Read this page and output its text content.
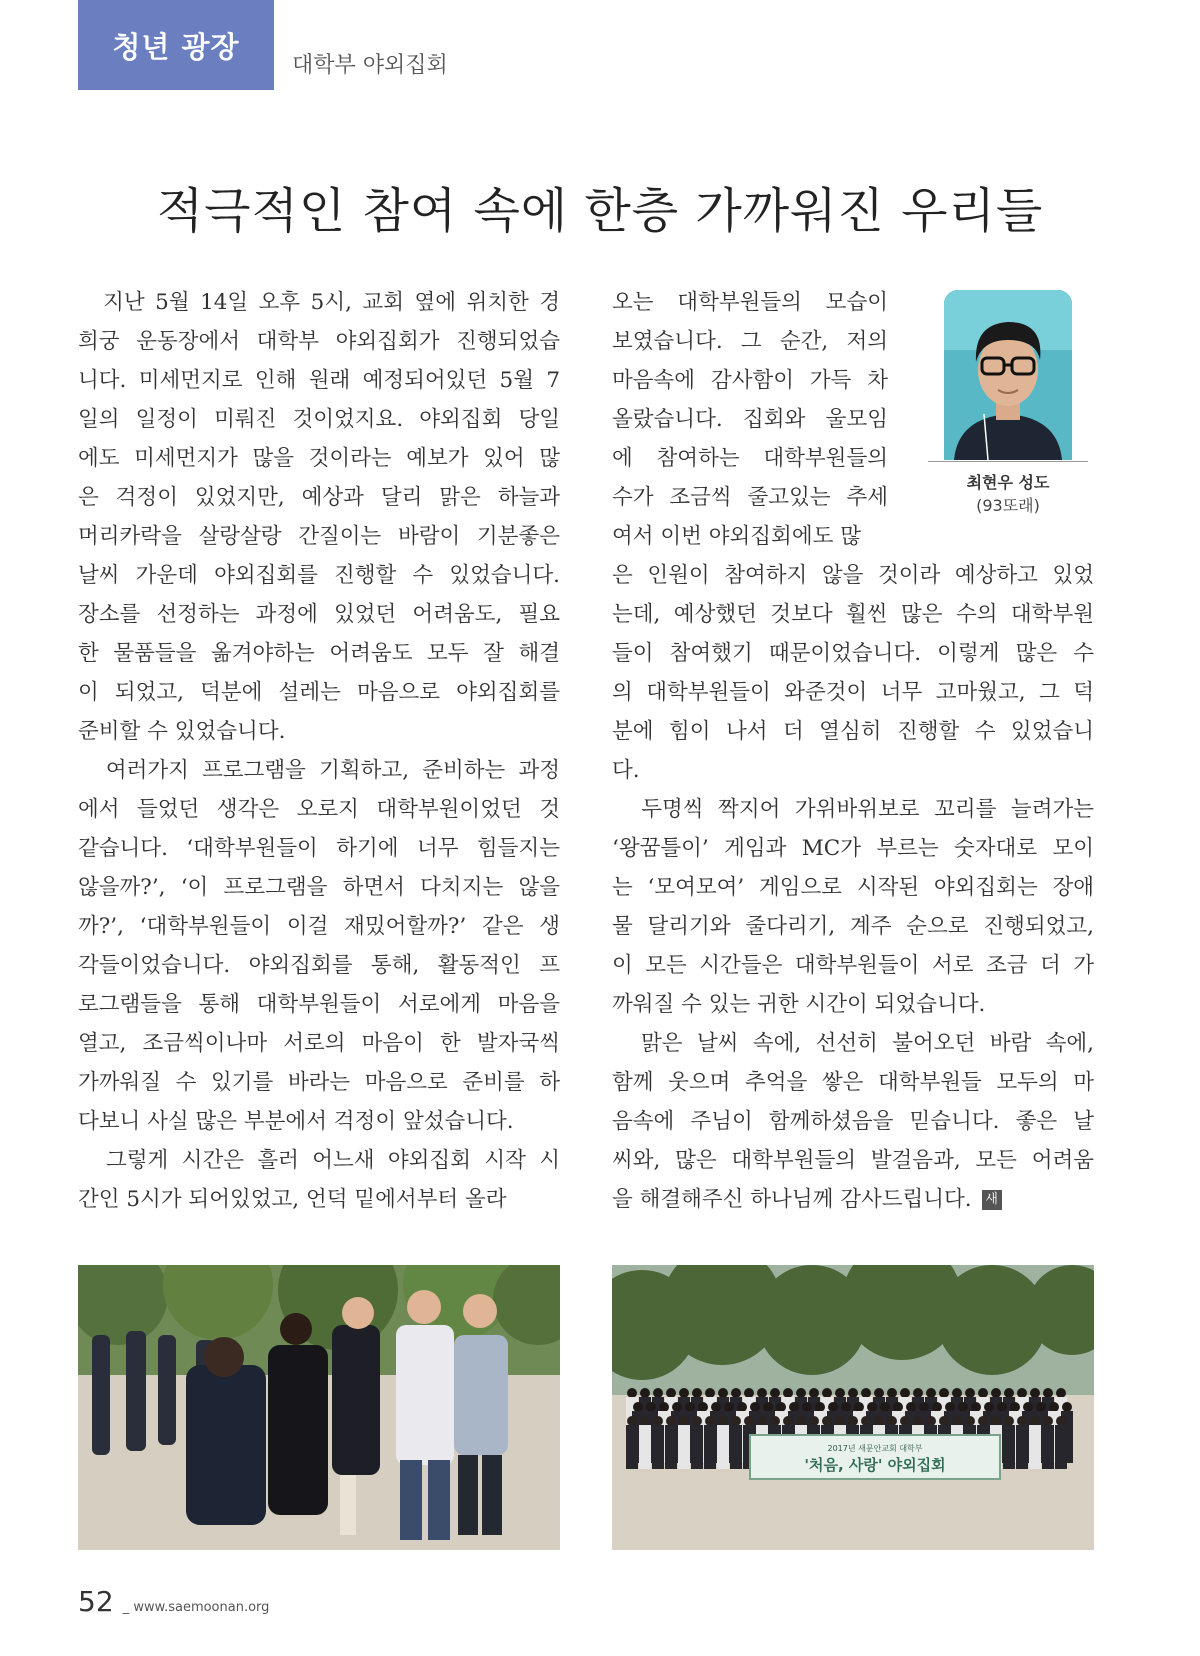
청년 광장
대학부 야외집회
적극적인 참여 속에 한층 가까워진 우리들
　지난 5월 14일 오후 5시, 교회 옆에 위치한 경
희궁 운동장에서 대학부 야외집회가 진행되었습
니다. 미세먼지로 인해 원래 예정되어있던 5월 7
일의 일정이 미뤄진 것이었지요. 야외집회 당일
에도 미세먼지가 많을 것이라는 예보가 있어 많
은 걱정이 있었지만, 예상과 달리 맑은 하늘과
머리카락을 살랑살랑 간질이는 바람이 기분좋은
날씨 가운데 야외집회를 진행할 수 있었습니다.
장소를 선정하는 과정에 있었던 어려움도, 필요
한 물품들을 옮겨야하는 어려움도 모두 잘 해결
이 되었고, 덕분에 설레는 마음으로 야외집회를
준비할 수 있었습니다.
　여러가지 프로그램을 기획하고, 준비하는 과정
에서 들었던 생각은 오로지 대학부원이었던 것
같습니다. ‘대학부원들이 하기에 너무 힘들지는
않을까?’, ‘이 프로그램을 하면서 다치지는 않을
까?’, ‘대학부원들이 이걸 재밌어할까?’ 같은 생
각들이었습니다. 야외집회를 통해, 활동적인 프
로그램들을 통해 대학부원들이 서로에게 마음을
열고, 조금씩이나마 서로의 마음이 한 발자국씩
가까워질 수 있기를 바라는 마음으로 준비를 하
다보니 사실 많은 부분에서 걱정이 앞섰습니다.
　그렇게 시간은 흘러 어느새 야외집회 시작 시
간인 5시가 되어있었고, 언덕 밑에서부터 올라
오는 대학부원들의 모습이
보였습니다. 그 순간, 저의
마음속에 감사함이 가득 차
올랐습니다. 집회와 울모임
에 참여하는 대학부원들의
수가 조금씩 줄고있는 추세
여서 이번 야외집회에도 많
은 인원이 참여하지 않을 것이라 예상하고 있었
는데, 예상했던 것보다 훨씬 많은 수의 대학부원
들이 참여했기 때문이었습니다. 이렇게 많은 수
의 대학부원들이 와준것이 너무 고마웠고, 그 덕
분에 힘이 나서 더 열심히 진행할 수 있었습니
다.
　두명씩 짝지어 가위바위보로 꼬리를 늘려가는
‘왕꿈틀이’ 게임과 MC가 부르는 숫자대로 모이
는 ‘모여모여’ 게임으로 시작된 야외집회는 장애
물 달리기와 줄다리기, 계주 순으로 진행되었고,
이 모든 시간들은 대학부원들이 서로 조금 더 가
까워질 수 있는 귀한 시간이 되었습니다.
　맑은 날씨 속에, 선선히 불어오던 바람 속에,
함께 웃으며 추억을 쌓은 대학부원들 모두의 마
음속에 주님이 함께하셨음을 믿습니다. 좋은 날
씨와, 많은 대학부원들의 발걸음과, 모든 어려움
을 해결해주신 하나님께 감사드립니다. 새
최현우 성도
(93또래)
2017년 새문안교회 대학부
'처음, 사랑' 야외집회
52 _ www.saemoonan.org
